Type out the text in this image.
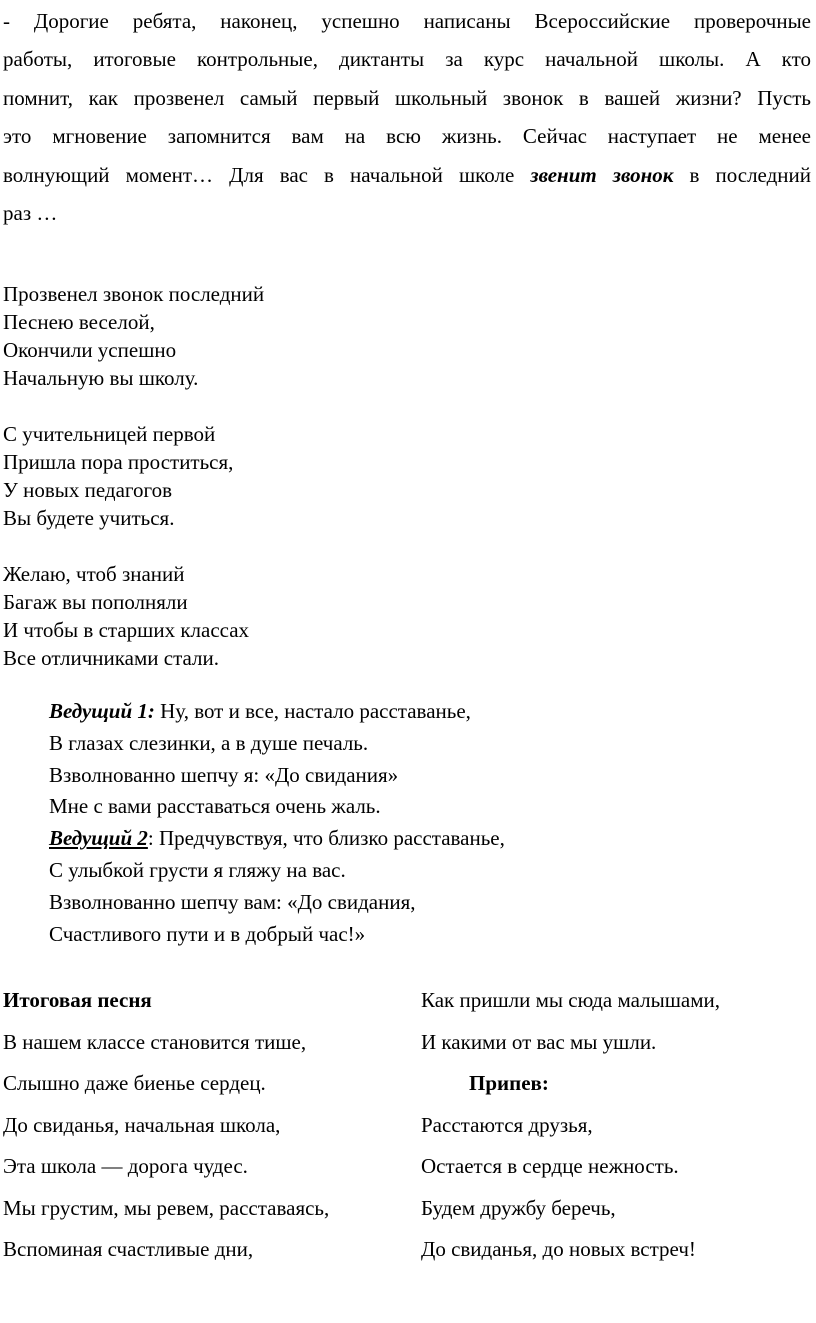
- Дорогие ребята, наконец, успешно написаны Всероссийские проверочные
работы, итоговые контрольные, диктанты за курс начальной школы. А кто
помнит, как прозвенел самый первый школьный звонок в вашей жизни? Пусть
это мгновение запомнится вам на всю жизнь. Сейчас наступает не менее
волнующий момент… Для вас в начальной школе звенит звонок в последний
раз …
Прозвенел звонок последний
Песнею веселой,
Окончили успешно
Начальную вы школу.
С учительницей первой
Пришла пора проститься,
У новых педагогов
Вы будете учиться.
Желаю, чтоб знаний
Багаж вы пополняли
И чтобы в старших классах
Все отличниками стали.
Ведущий 1: Ну, вот и все, настало расставанье,
В глазах слезинки, а в душе печаль.
Взволнованно шепчу я: «До свидания»
Мне с вами расставаться очень жаль.
Ведущий 2: Предчувствуя, что близко расставанье,
С улыбкой грусти я гляжу на вас.
Взволнованно шепчу вам: «До свидания,
Счастливого пути и в добрый час!»
Итоговая песня
В нашем классе становится тише,
Слышно даже биенье сердец.
До свиданья, начальная школа,
Эта школа — дорога чудес.
Мы грустим, мы ревем, расставаясь,
Вспоминая счастливые дни,
Как пришли мы сюда малышами,
И какими от вас мы ушли.
Припев:
Расстаются друзья,
Остается в сердце нежность.
Будем дружбу беречь,
До свиданья, до новых встреч!
